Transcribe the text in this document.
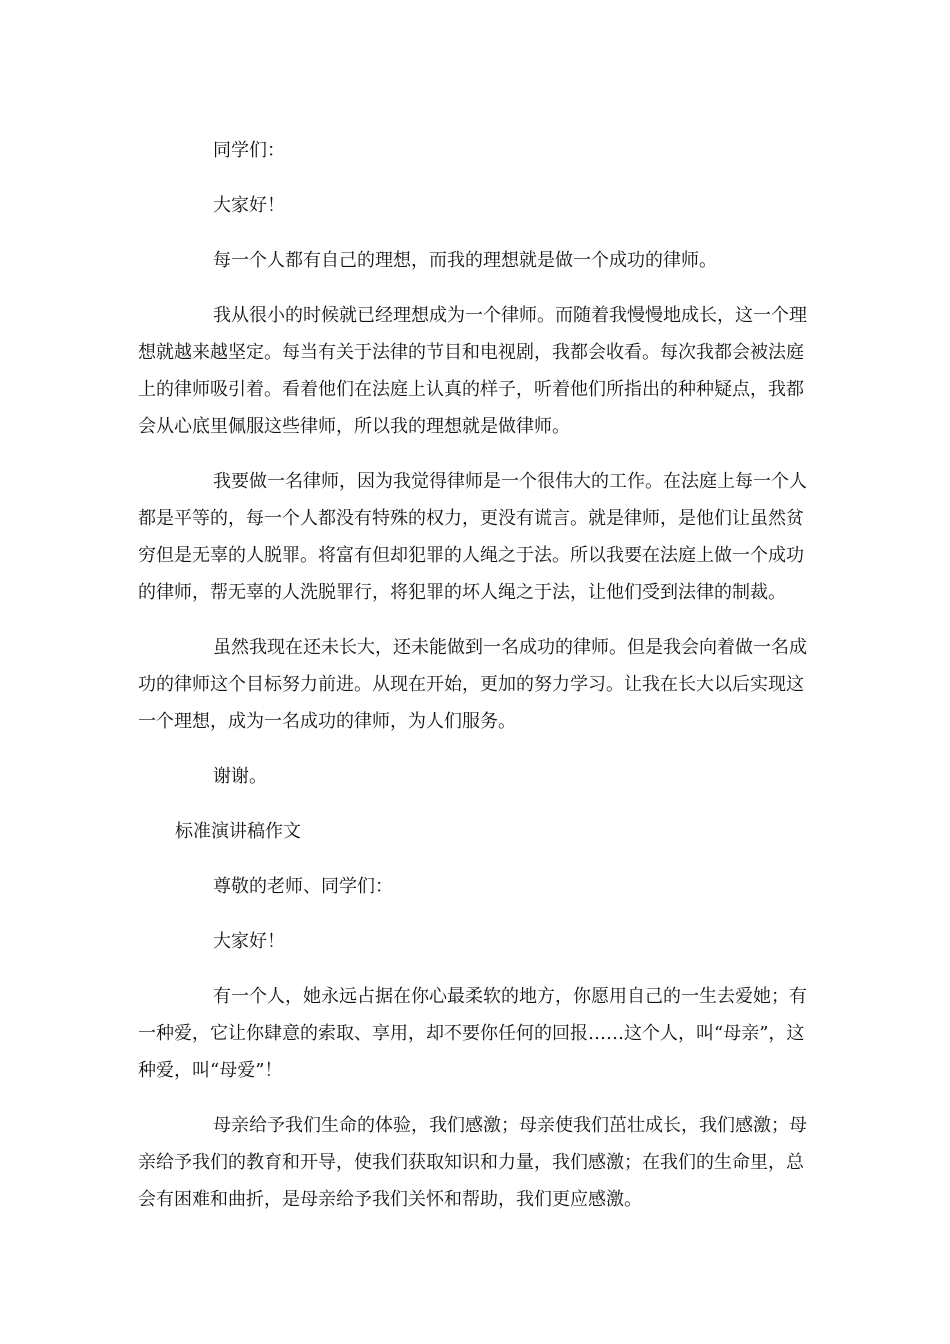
同学们：

大家好！

每一个人都有自己的理想，而我的理想就是做一个成功的律师。

我从很小的时候就已经理想成为一个律师。而随着我慢慢地成长，这一个理想就越来越坚定。每当有关于法律的节目和电视剧，我都会收看。每次我都会被法庭上的律师吸引着。看着他们在法庭上认真的样子，听着他们所指出的种种疑点，我都会从心底里佩服这些律师，所以我的理想就是做律师。

我要做一名律师，因为我觉得律师是一个很伟大的工作。在法庭上每一个人都是平等的，每一个人都没有特殊的权力，更没有谎言。就是律师，是他们让虽然贫穷但是无辜的人脱罪。将富有但却犯罪的人绳之于法。所以我要在法庭上做一个成功的律师，帮无辜的人洗脱罪行，将犯罪的坏人绳之于法，让他们受到法律的制裁。

虽然我现在还未长大，还未能做到一名成功的律师。但是我会向着做一名成功的律师这个目标努力前进。从现在开始，更加的努力学习。让我在长大以后实现这一个理想，成为一名成功的律师，为人们服务。

谢谢。

标准演讲稿作文

尊敬的老师、同学们：

大家好！

有一个人，她永远占据在你心最柔软的地方，你愿用自己的一生去爱她；有一种爱，它让你肆意的索取、享用，却不要你任何的回报……这个人，叫“母亲”，这种爱，叫“母爱”！

母亲给予我们生命的体验，我们感激；母亲使我们茁壮成长，我们感激；母亲给予我们的教育和开导，使我们获取知识和力量，我们感激；在我们的生命里，总会有困难和曲折，是母亲给予我们关怀和帮助，我们更应感激。
